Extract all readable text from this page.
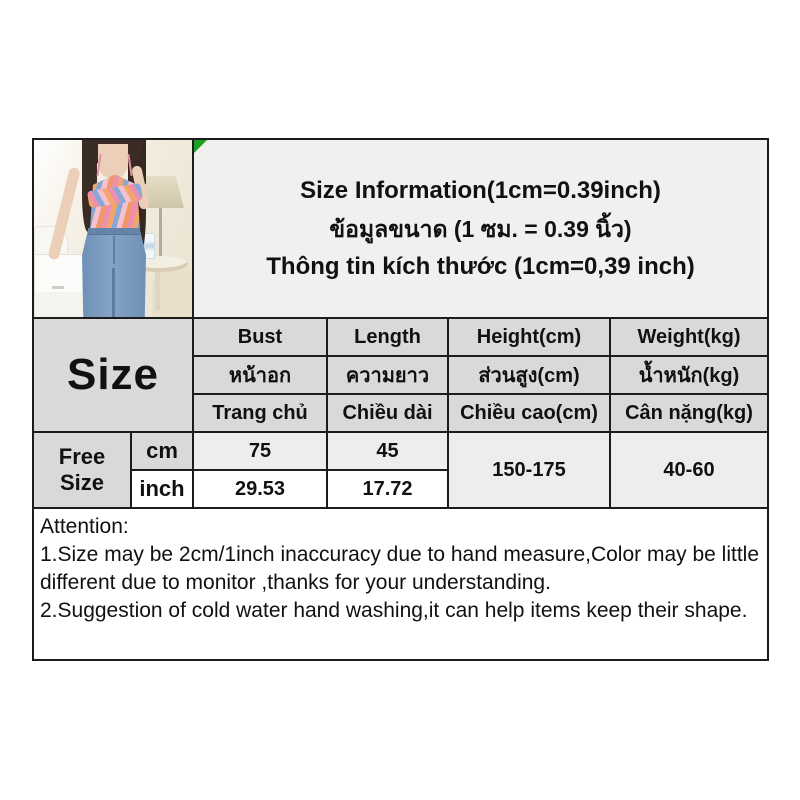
		Size Information(1cm=0.39inch)
ข้อมูลขนาด (1 ซม. = 0.39 นิ้ว)
Thông tin kích thước (1cm=0,39 inch)			

Size		Bust	Length	Height(cm)	Weight(kg)
		หน้าอก	ความยาว	ส่วนสูง(cm)	น้ำหนัก(kg)
		Trang chủ	Chiều dài	Chiều cao(cm)	Cân nặng(kg)
Free Size	cm	75	45	150-175	40-60
	inch	29.53	17.72		

Attention:
1.Size may be 2cm/1inch inaccuracy due to hand measure,Color may be little different due to monitor ,thanks for your understanding.
2.Suggestion of cold water hand washing,it can help items keep their shape.					
